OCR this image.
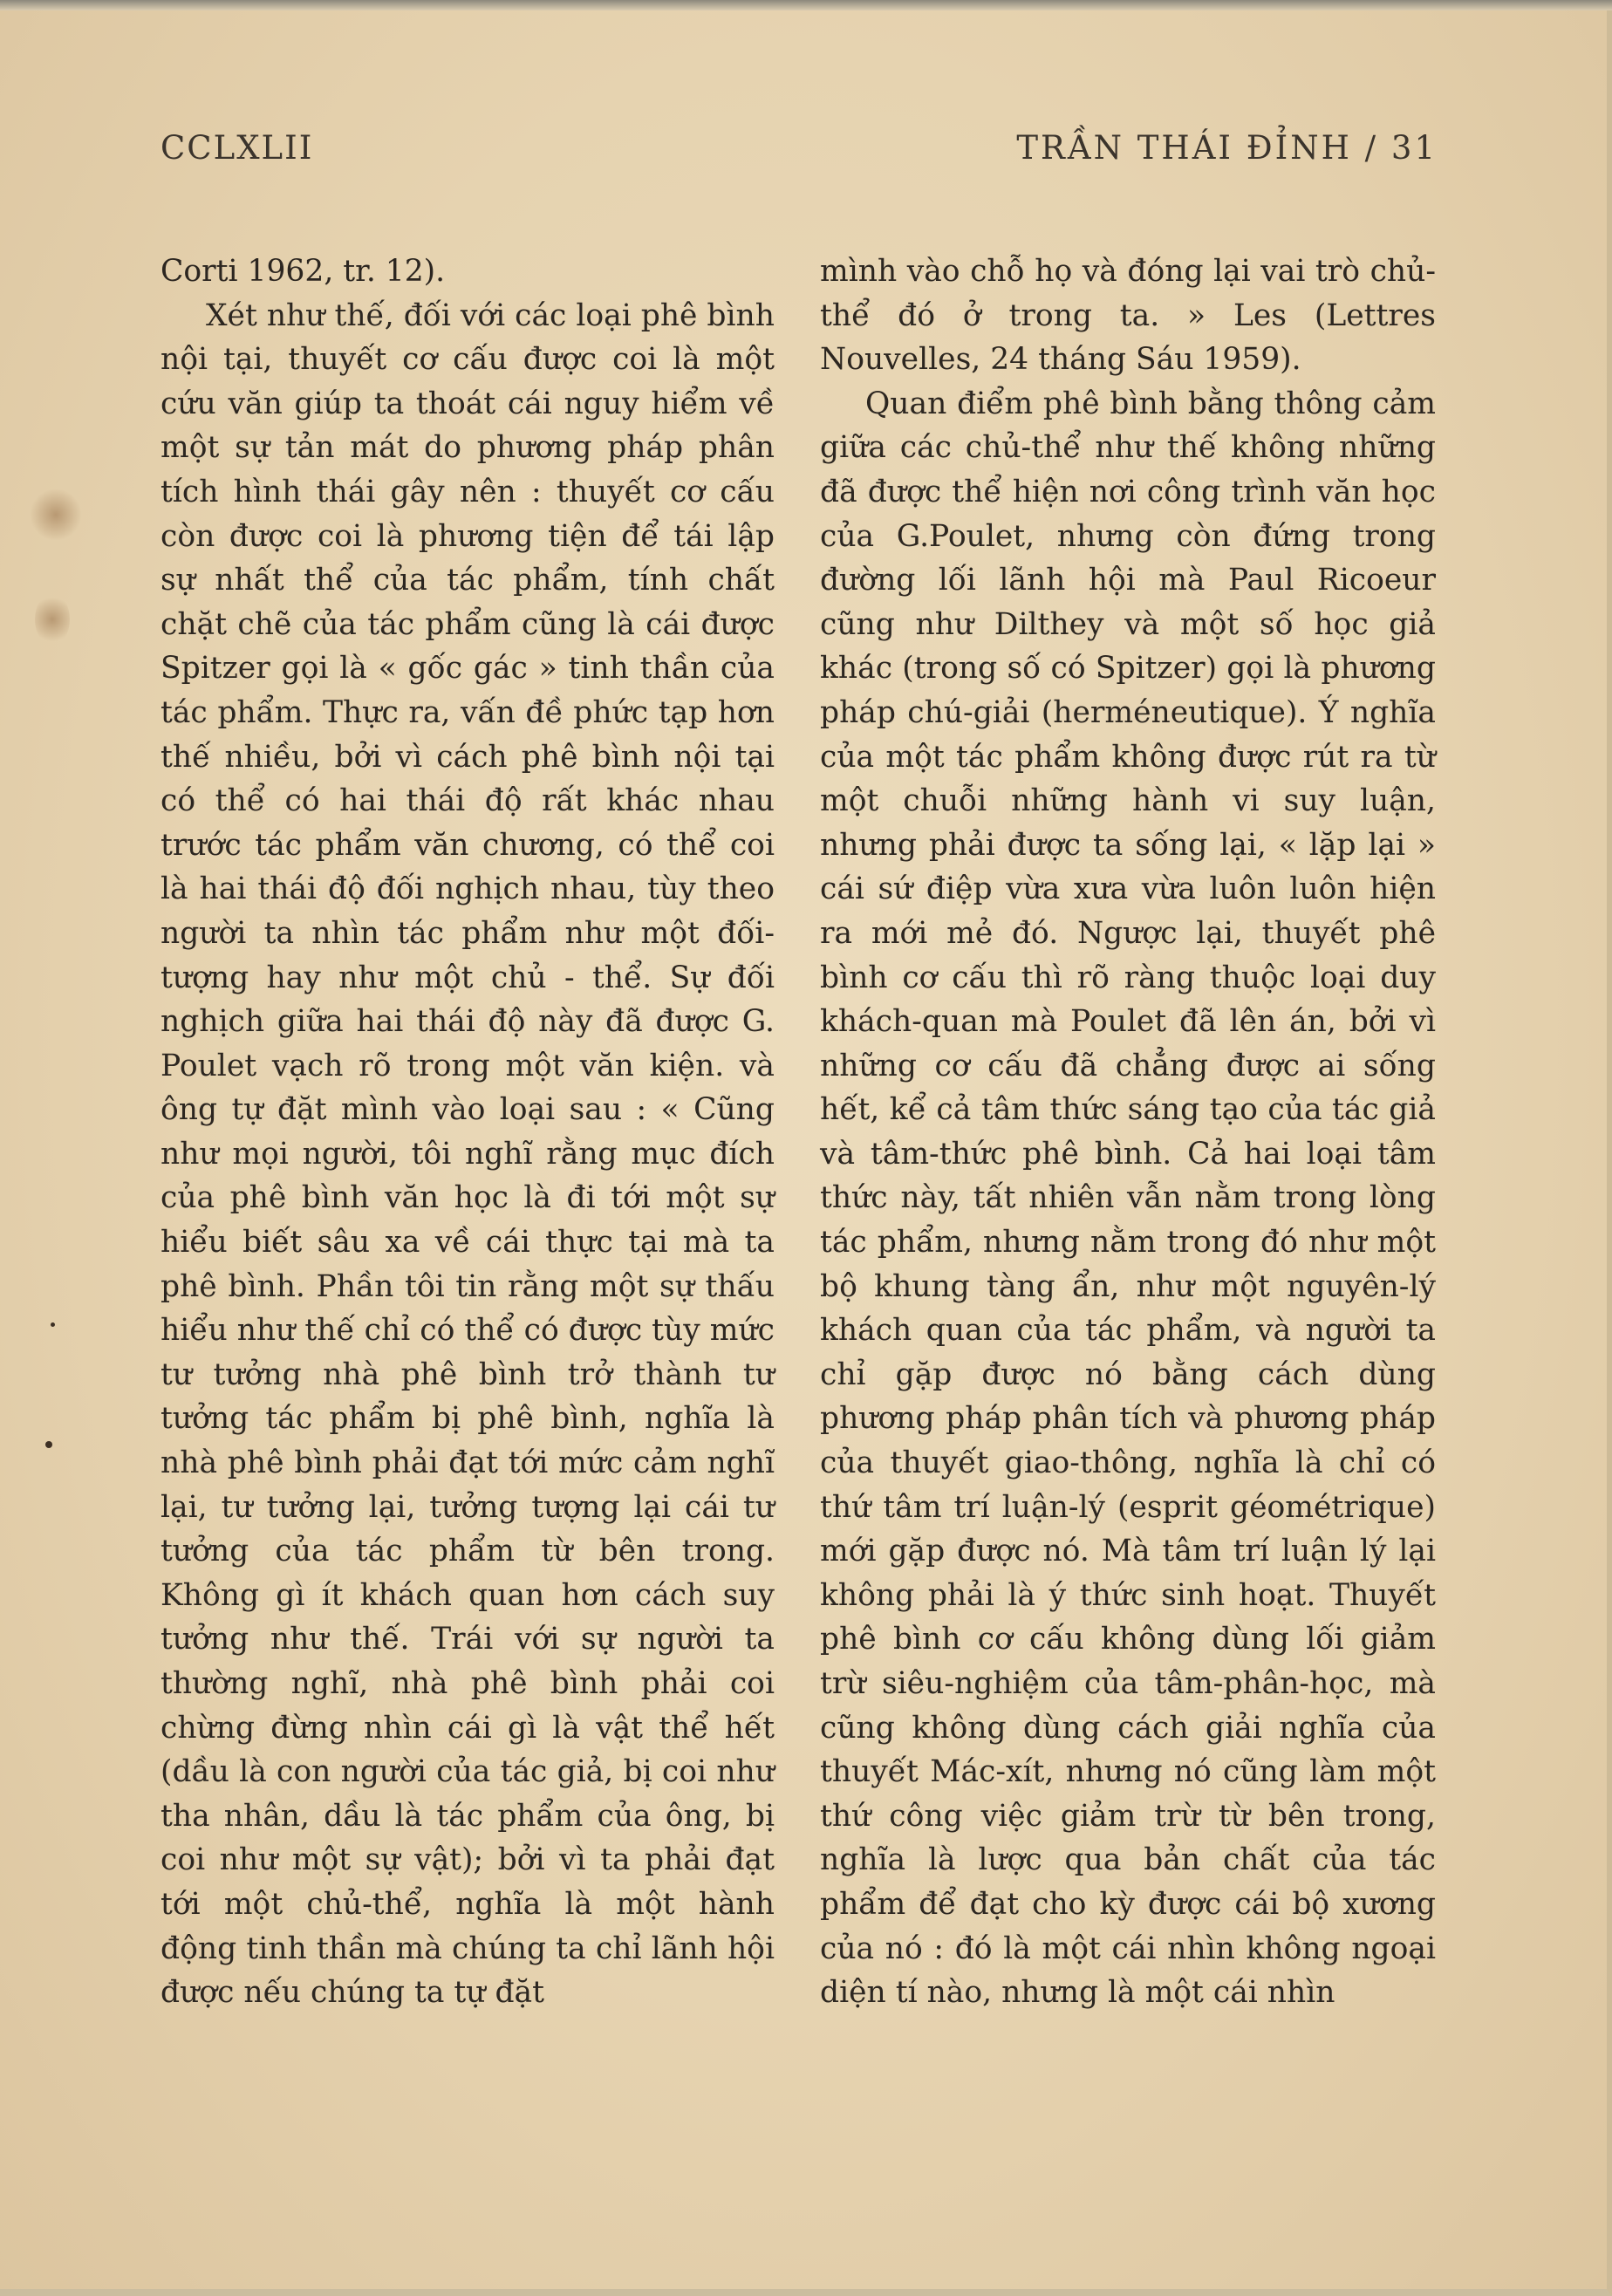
CCLXLII	TRẦN THÁI ĐỈNH / 31

Corti 1962, tr. 12).

Xét như thế, đối với các loại phê bình nội tại, thuyết cơ cấu được coi là một cứu văn giúp ta thoát cái nguy hiểm về một sự tản mát do phương pháp phân tích hình thái gây nên : thuyết cơ cấu còn được coi là phương tiện để tái lập sự nhất thể của tác phẩm, tính chất chặt chẽ của tác phẩm cũng là cái được Spitzer gọi là « gốc gác » tinh thần của tác phẩm. Thực ra, vấn đề phức tạp hơn thế nhiều, bởi vì cách phê bình nội tại có thể có hai thái độ rất khác nhau trước tác phẩm văn chương, có thể coi là hai thái độ đối nghịch nhau, tùy theo người ta nhìn tác phẩm như một đối-tượng hay như một chủ - thể. Sự đối nghịch giữa hai thái độ này đã được G. Poulet vạch rõ trong một văn kiện. và ông tự đặt mình vào loại sau : « Cũng như mọi người, tôi nghĩ rằng mục đích của phê bình văn học là đi tới một sự hiểu biết sâu xa về cái thực tại mà ta phê bình. Phần tôi tin rằng một sự thấu hiểu như thế chỉ có thể có được tùy mức tư tưởng nhà phê bình trở thành tư tưởng tác phẩm bị phê bình, nghĩa là nhà phê bình phải đạt tới mức cảm nghĩ lại, tư tưởng lại, tưởng tượng lại cái tư tưởng của tác phẩm từ bên trong. Không gì ít khách quan hơn cách suy tưởng như thế. Trái với sự người ta thường nghĩ, nhà phê bình phải coi chừng đừng nhìn cái gì là vật thể hết (dầu là con người của tác giả, bị coi như tha nhân, dầu là tác phẩm của ông, bị coi như một sự vật); bởi vì ta phải đạt tới một chủ-thể, nghĩa là một hành động tinh thần mà chúng ta chỉ lãnh hội được nếu chúng ta tự đặt

mình vào chỗ họ và đóng lại vai trò chủ-thể đó ở trong ta. » Les (Lettres Nouvelles, 24 tháng Sáu 1959).

Quan điểm phê bình bằng thông cảm giữa các chủ-thể như thế không những đã được thể hiện nơi công trình văn học của G.Poulet, nhưng còn đứng trong đường lối lãnh hội mà Paul Ricoeur cũng như Dilthey và một số học giả khác (trong số có Spitzer) gọi là phương pháp chú-giải (herméneutique). Ý nghĩa của một tác phẩm không được rút ra từ một chuỗi những hành vi suy luận, nhưng phải được ta sống lại, « lặp lại » cái sứ điệp vừa xưa vừa luôn luôn hiện ra mới mẻ đó. Ngược lại, thuyết phê bình cơ cấu thì rõ ràng thuộc loại duy khách-quan mà Poulet đã lên án, bởi vì những cơ cấu đã chẳng được ai sống hết, kể cả tâm thức sáng tạo của tác giả và tâm-thức phê bình. Cả hai loại tâm thức này, tất nhiên vẫn nằm trong lòng tác phẩm, nhưng nằm trong đó như một bộ khung tàng ẩn, như một nguyên-lý khách quan của tác phẩm, và người ta chỉ gặp được nó bằng cách dùng phương pháp phân tích và phương pháp của thuyết giao-thông, nghĩa là chỉ có thứ tâm trí luận-lý (esprit géométrique) mới gặp được nó. Mà tâm trí luận lý lại không phải là ý thức sinh hoạt. Thuyết phê bình cơ cấu không dùng lối giảm trừ siêu-nghiệm của tâm-phân-học, mà cũng không dùng cách giải nghĩa của thuyết Mác-xít, nhưng nó cũng làm một thứ công việc giảm trừ từ bên trong, nghĩa là lược qua bản chất của tác phẩm để đạt cho kỳ được cái bộ xương của nó : đó là một cái nhìn không ngoại diện tí nào, nhưng là một cái nhìn
